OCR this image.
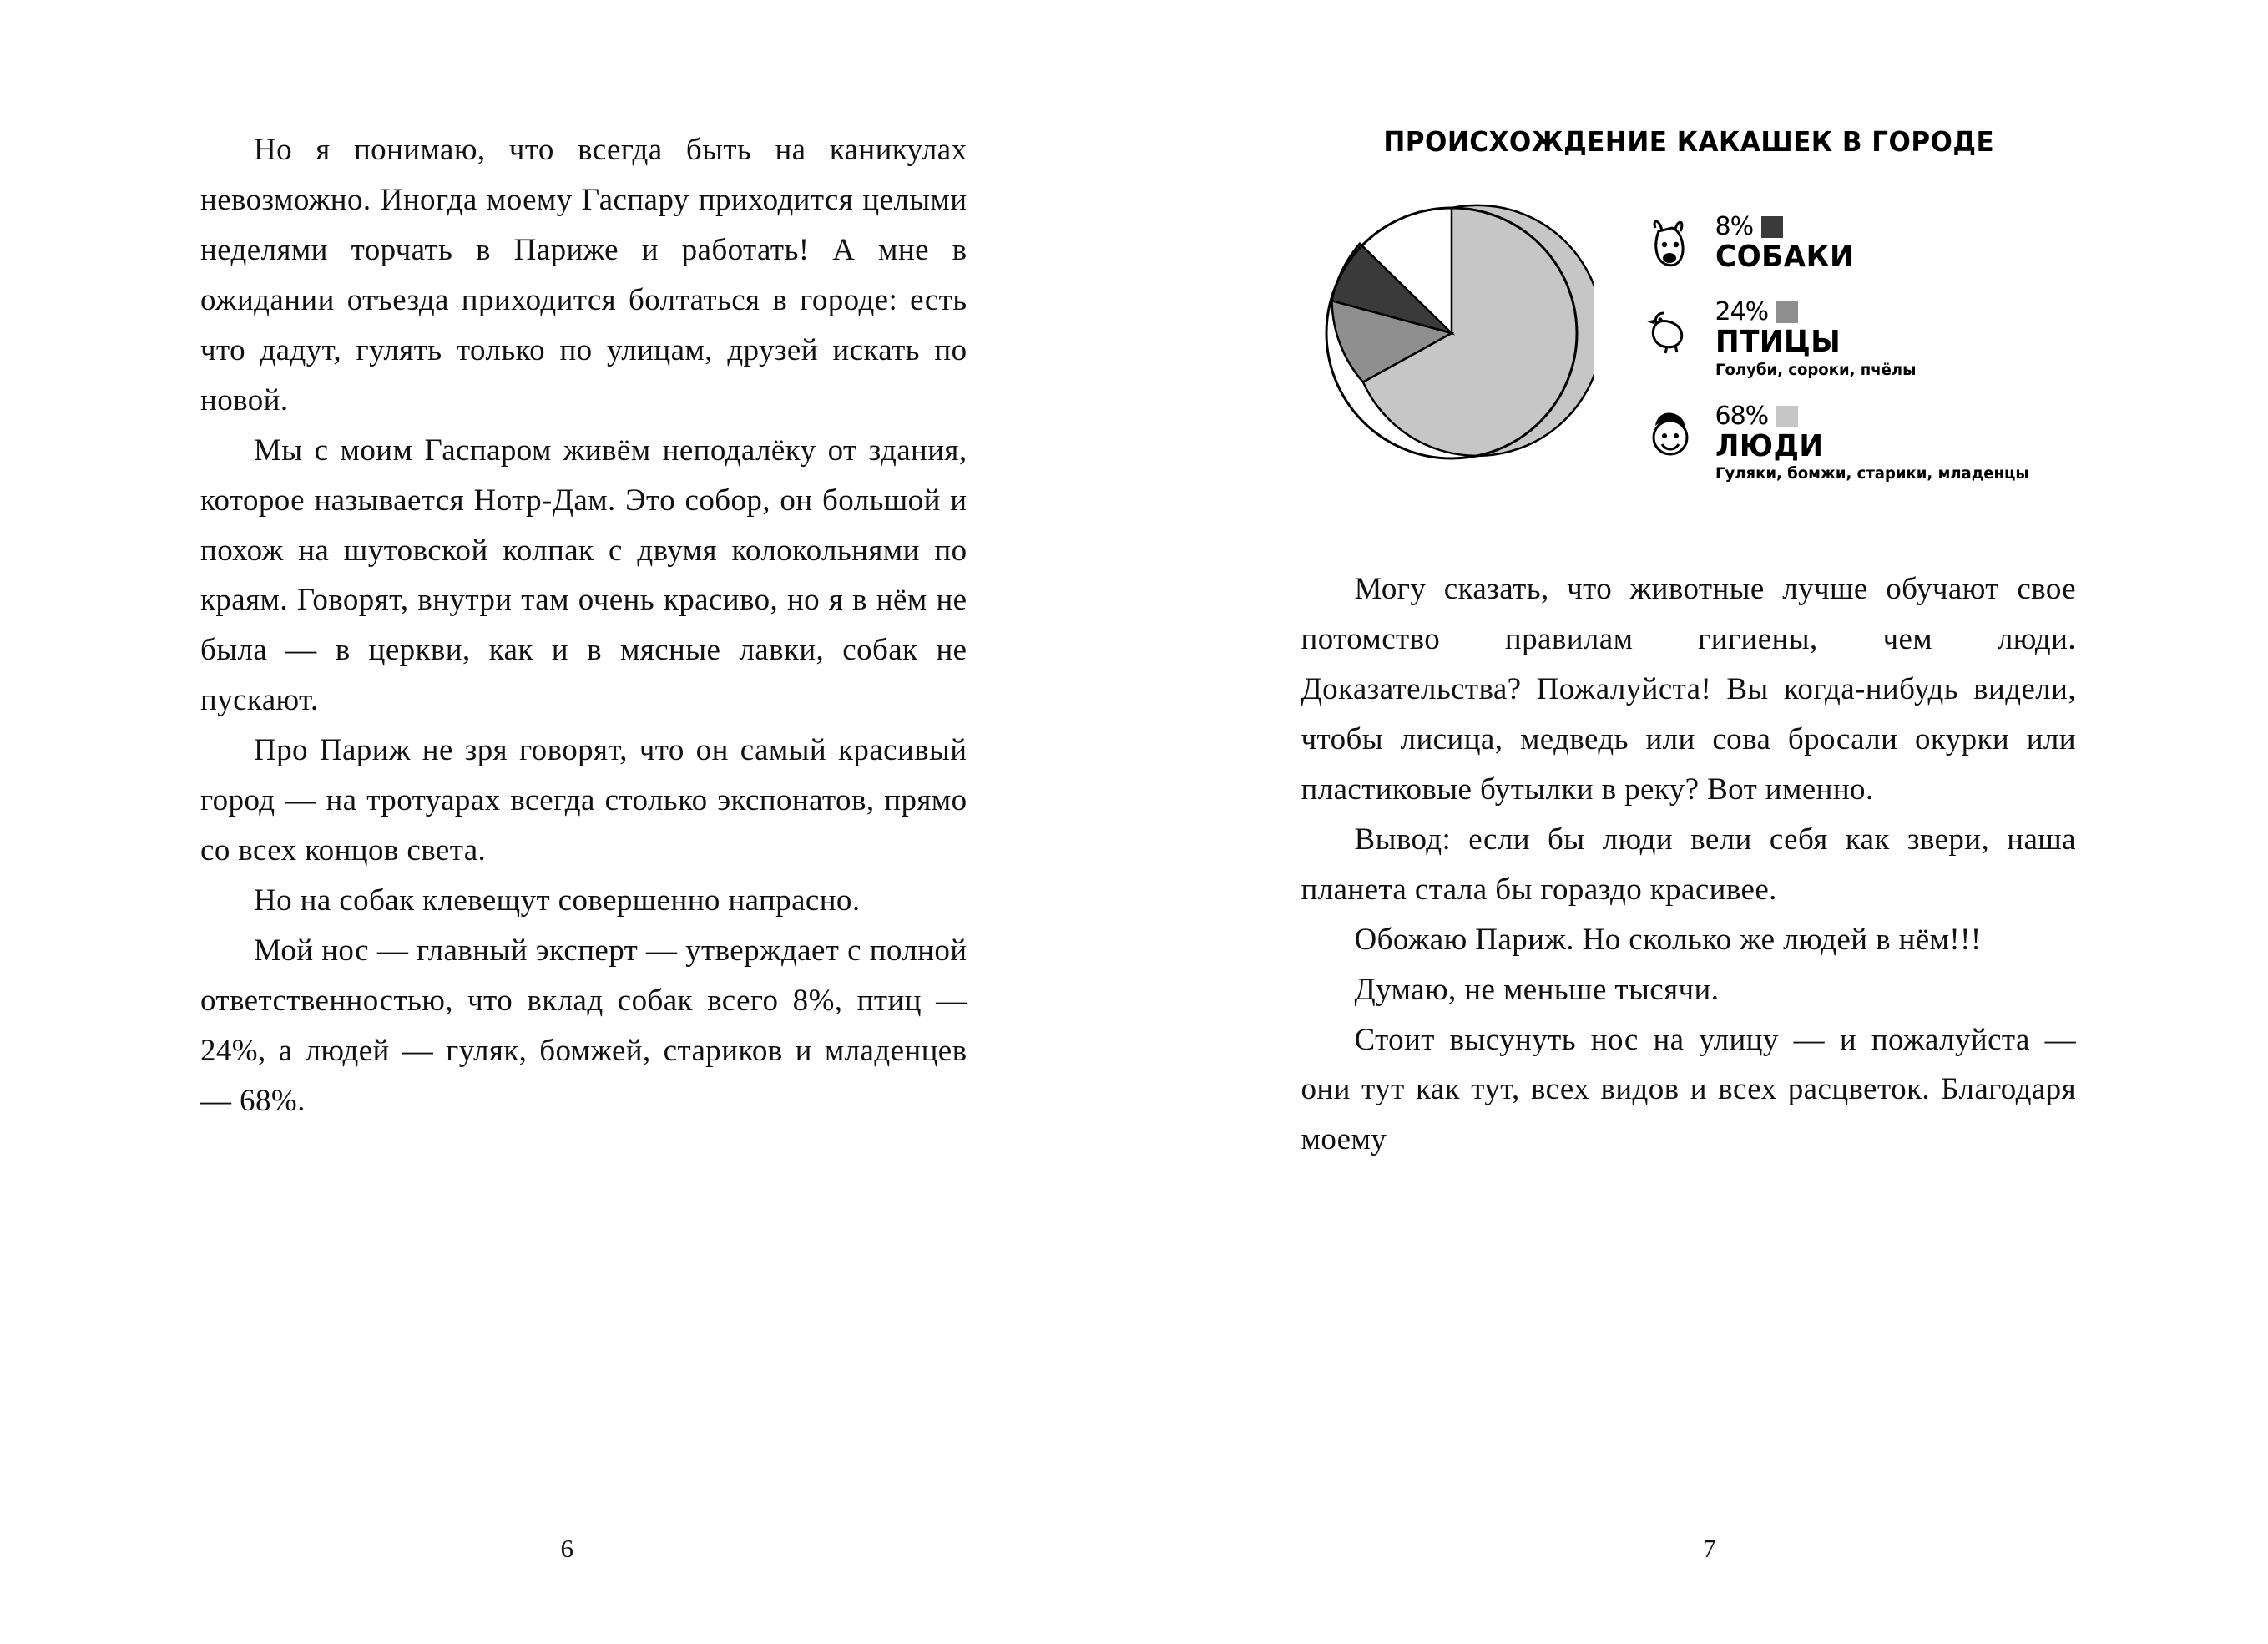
Но я понимаю, что всегда быть на каникулах невозможно. Иногда моему Гаспару приходится целыми неделями торчать в Париже и работать! А мне в ожидании отъезда приходится болтаться в городе: есть что дадут, гулять только по улицам, друзей искать по новой.

Мы с моим Гаспаром живём неподалёку от здания, которое называется Нотр-Дам. Это собор, он большой и похож на шутовской колпак с двумя колокольнями по краям. Говорят, внутри там очень красиво, но я в нём не была — в церкви, как и в мясные лавки, собак не пускают.

Про Париж не зря говорят, что он самый красивый город — на тротуарах всегда столько экспонатов, прямо со всех концов света.

Но на собак клевещут совершенно напрасно.

Мой нос — главный эксперт — утверждает с полной ответственностью, что вклад собак всего 8%, птиц — 24%, а людей — гуляк, бомжей, стариков и младенцев — 68%.

6
ПРОИСХОЖДЕНИЕ КАКАШЕК В ГОРОДЕ
8%
СОБАКИ
24%
ПТИЦЫ
Голуби, сороки, пчёлы
68%
ЛЮДИ
Гуляки, бомжи, старики, младенцы

Могу сказать, что животные лучше обучают свое потомство правилам гигиены, чем люди. Доказательства? Пожалуйста! Вы когда-нибудь видели, чтобы лисица, медведь или сова бросали окурки или пластиковые бутылки в реку? Вот именно.

Вывод: если бы люди вели себя как звери, наша планета стала бы гораздо красивее.

Обожаю Париж. Но сколько же людей в нём!!!

Думаю, не меньше тысячи.

Стоит высунуть нос на улицу — и пожалуйста — они тут как тут, всех видов и всех расцветок. Благодаря моему

7
